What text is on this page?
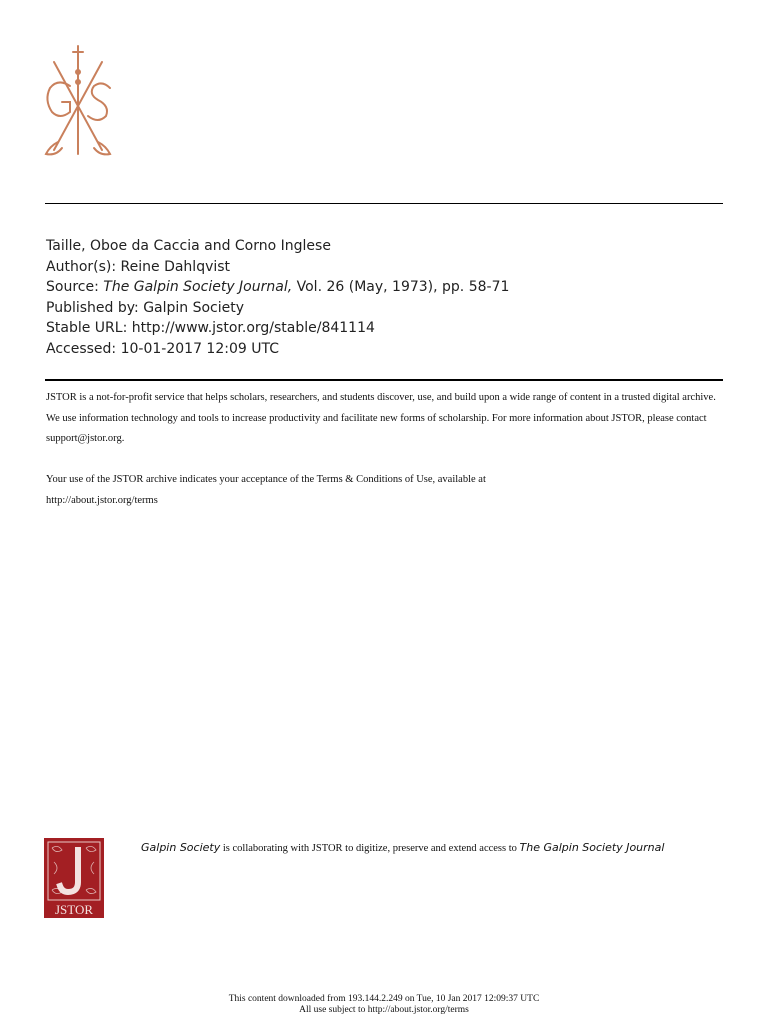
Taille, Oboe da Caccia and Corno Inglese
Author(s): Reine Dahlqvist
Source: The Galpin Society Journal, Vol. 26 (May, 1973), pp. 58-71
Published by: Galpin Society
Stable URL: http://www.jstor.org/stable/841114
Accessed: 10-01-2017 12:09 UTC

JSTOR is a not-for-profit service that helps scholars, researchers, and students discover, use, and build upon a wide range of content in a trusted digital archive. We use information technology and tools to increase productivity and facilitate new forms of scholarship. For more information about JSTOR, please contact support@jstor.org.

Your use of the JSTOR archive indicates your acceptance of the Terms & Conditions of Use, available at
http://about.jstor.org/terms

JSTOR
Galpin Society is collaborating with JSTOR to digitize, preserve and extend access to The Galpin Society Journal
This content downloaded from 193.144.2.249 on Tue, 10 Jan 2017 12:09:37 UTC
All use subject to http://about.jstor.org/terms
